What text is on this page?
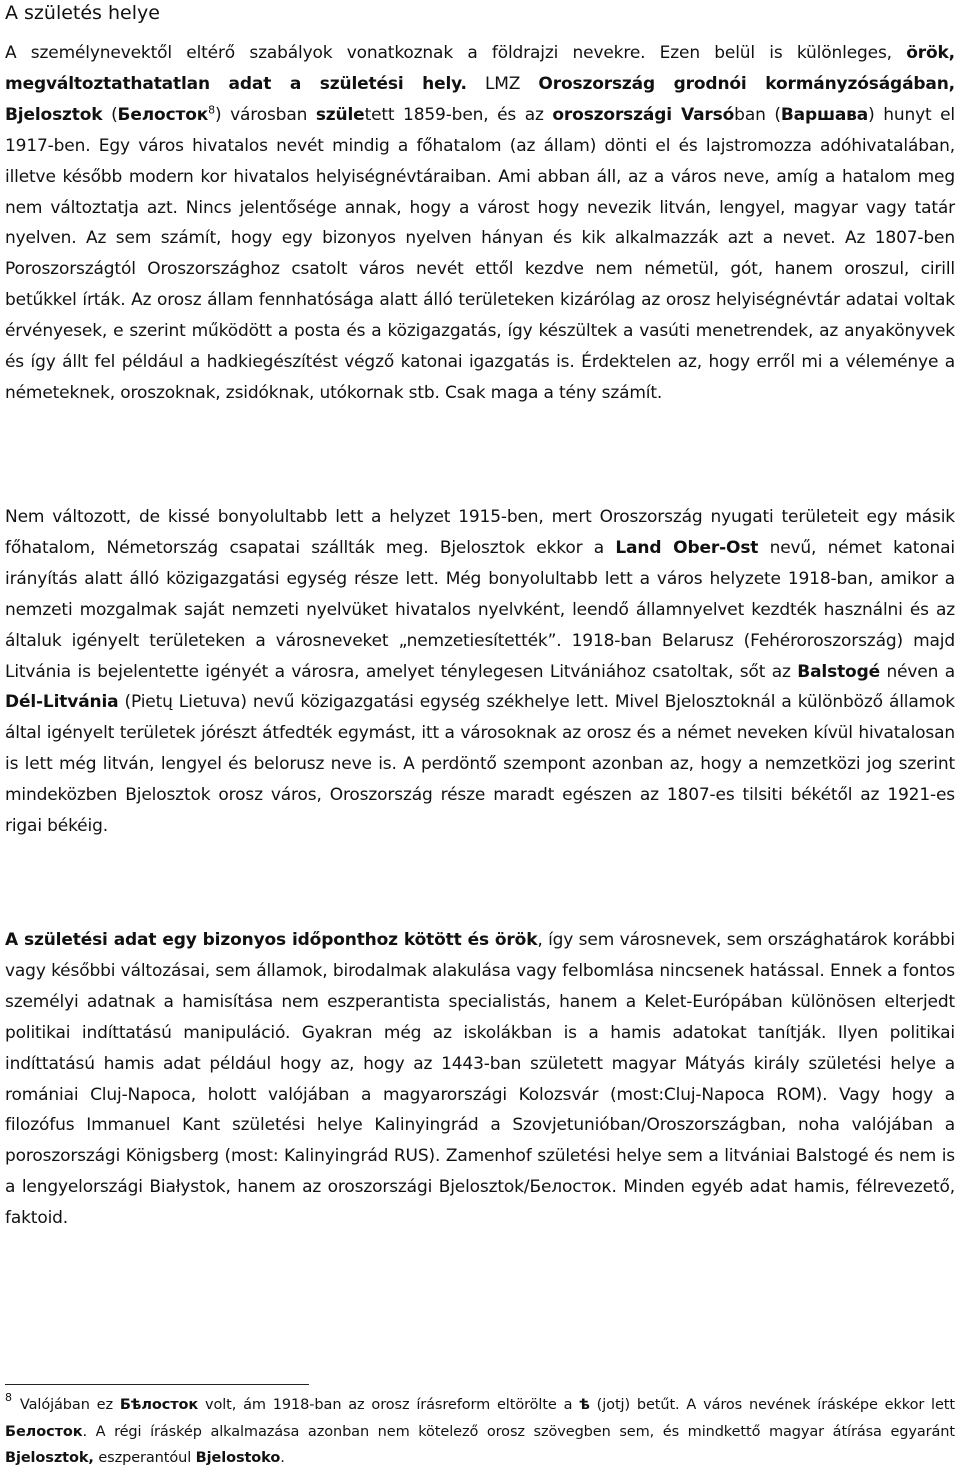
A születés helye

A személynevektől eltérő szabályok vonatkoznak a földrajzi nevekre. Ezen belül is különleges, örök, megváltoztathatatlan adat a születési hely. LMZ Oroszország grodnói kormányzóságában, Bjelosztok (Белосток$^8$) városban született 1859-ben, és az oroszországi Varsóban (Варшава) hunyt el 1917-ben. Egy város hivatalos nevét mindig a főhatalom (az állam) dönti el és lajstromozza adóhivatalában, illetve később modern kor hivatalos helyiségnévtáraiban. Ami abban áll, az a város neve, amíg a hatalom meg nem változtatja azt. Nincs jelentősége annak, hogy a várost hogy nevezik litván, lengyel, magyar vagy tatár nyelven. Az sem számít, hogy egy bizonyos nyelven hányan és kik alkalmazzák azt a nevet. Az 1807-ben Poroszországtól Oroszországhoz csatolt város nevét ettől kezdve nem németül, gót, hanem oroszul, cirill betűkkel írták. Az orosz állam fennhatósága alatt álló területeken kizárólag az orosz helyiségnévtár adatai voltak érvényesek, e szerint működött a posta és a közigazgatás, így készültek a vasúti menetrendek, az anyakönyvek és így állt fel például a hadkiegészítést végző katonai igazgatás is. Érdektelen az, hogy erről mi a véleménye a németeknek, oroszoknak, zsidóknak, utókornak stb. Csak maga a tény számít.

Nem változott, de kissé bonyolultabb lett a helyzet 1915-ben, mert Oroszország nyugati területeit egy másik főhatalom, Németország csapatai szállták meg. Bjelosztok ekkor a Land Ober-Ost nevű, német katonai irányítás alatt álló közigazgatási egység része lett. Még bonyolultabb lett a város helyzete 1918-ban, amikor a nemzeti mozgalmak saját nemzeti nyelvüket hivatalos nyelvként, leendő államnyelvet kezdték használni és az általuk igényelt területeken a városneveket „nemzetiesítették”. 1918-ban Belarusz (Fehéroroszország) majd Litvánia is bejelentette igényét a városra, amelyet ténylegesen Litvániához csatoltak, sőt az Balstogé néven a Dél-Litvánia (Pietų Lietuva) nevű közigazgatási egység székhelye lett. Mivel Bjelosztoknál a különböző államok által igényelt területek jórészt átfedték egymást, itt a városoknak az orosz és a német neveken kívül hivatalosan is lett még litván, lengyel és belorusz neve is. A perdöntő szempont azonban az, hogy a nemzetközi jog szerint mindeközben Bjelosztok orosz város, Oroszország része maradt egészen az 1807-es tilsiti békétől az 1921-es rigai békéig.

A születési adat egy bizonyos időponthoz kötött és örök, így sem városnevek, sem országhatárok korábbi vagy későbbi változásai, sem államok, birodalmak alakulása vagy felbomlása nincsenek hatással. Ennek a fontos személyi adatnak a hamisítása nem eszperantista specialistás, hanem a Kelet-Európában különösen elterjedt politikai indíttatású manipuláció. Gyakran még az iskolákban is a hamis adatokat tanítják. Ilyen politikai indíttatású hamis adat például hogy az, hogy az 1443-ban született magyar Mátyás király születési helye a romániai Cluj-Napoca, holott valójában a magyarországi Kolozsvár (most:Cluj-Napoca ROM). Vagy hogy a filozófus Immanuel Kant születési helye Kalinyingrád a Szovjetunióban/Oroszországban, noha valójában a poroszországi Königsberg (most: Kalinyingrád RUS). Zamenhof születési helye sem a litvániai Balstogé és nem is a lengyelországi Białystok, hanem az oroszországi Bjelosztok/Белосток. Minden egyéb adat hamis, félrevezető, faktoid.

$^8$ Valójában ez Бѣлосток volt, ám 1918-ban az orosz írásreform eltörölte a ѣ (jotj) betűt. A város nevének írásképe ekkor lett Белосток. A régi íráskép alkalmazása azonban nem kötelező orosz szövegben sem, és mindkettő magyar átírása egyaránt Bjelosztok, eszperantóul Bjelostoko.
